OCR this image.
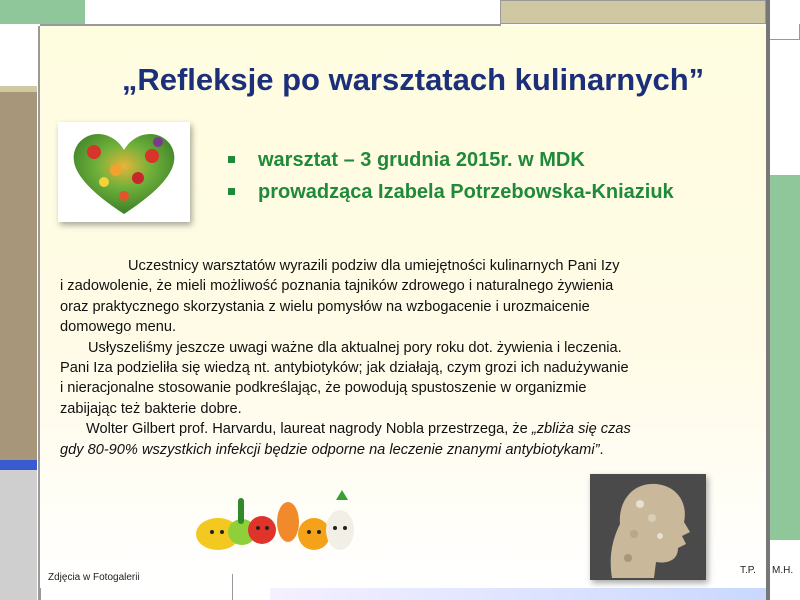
„Refleksje po warsztatach kulinarnych”
warsztat – 3 grudnia 2015r. w MDK
prowadząca Izabela Potrzebowska-Kniaziuk
Uczestnicy warsztatów wyrazili podziw dla umiejętności kulinarnych Pani Izy
i zadowolenie, że mieli możliwość poznania tajników zdrowego i naturalnego żywienia
oraz praktycznego skorzystania z wielu pomysłów na wzbogacenie i urozmaicenie
domowego menu.
Usłyszeliśmy jeszcze uwagi ważne dla aktualnej pory roku dot. żywienia i leczenia.
Pani Iza podzieliła się wiedzą nt. antybiotyków; jak działają, czym grozi ich nadużywanie
i nieracjonalne stosowanie podkreślając, że powodują spustoszenie w organizmie
zabijając też bakterie dobre.
Wolter Gilbert prof. Harvardu, laureat nagrody Nobla przestrzega, że „zbliża się czas
gdy 80-90% wszystkich infekcji będzie odporne na leczenie znanymi antybiotykami”.
Zdjęcia w Fotogalerii
T.P. M.H.
